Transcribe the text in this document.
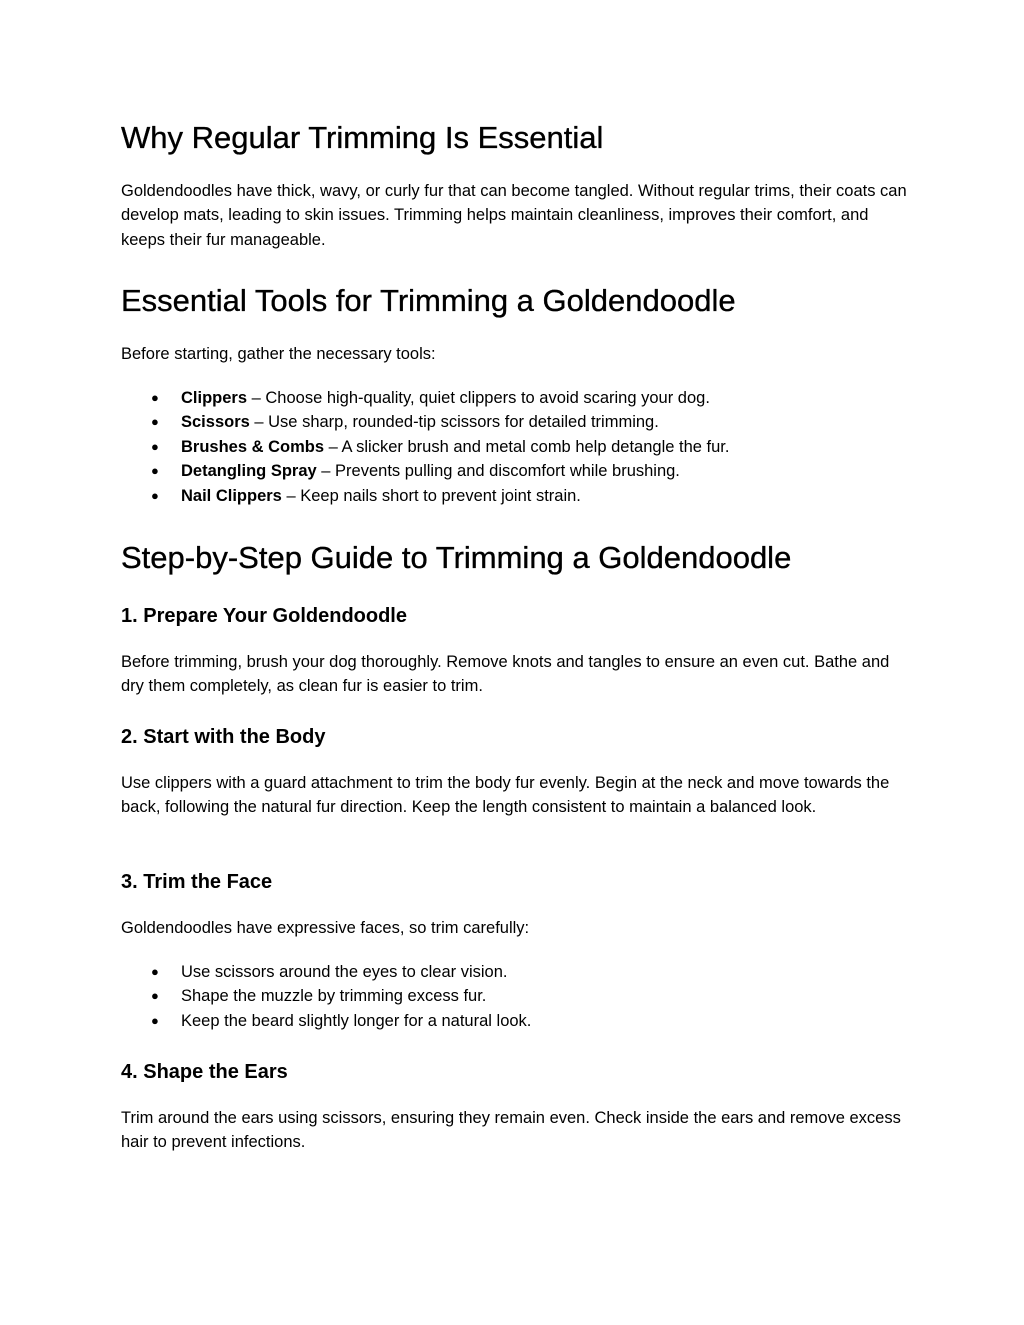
Why Regular Trimming Is Essential

Goldendoodles have thick, wavy, or curly fur that can become tangled. Without regular trims, their coats can develop mats, leading to skin issues. Trimming helps maintain cleanliness, improves their comfort, and keeps their fur manageable.

Essential Tools for Trimming a Goldendoodle

Before starting, gather the necessary tools:

● Clippers – Choose high-quality, quiet clippers to avoid scaring your dog.
● Scissors – Use sharp, rounded-tip scissors for detailed trimming.
● Brushes & Combs – A slicker brush and metal comb help detangle the fur.
● Detangling Spray – Prevents pulling and discomfort while brushing.
● Nail Clippers – Keep nails short to prevent joint strain.
Step-by-Step Guide to Trimming a Goldendoodle
1. Prepare Your Goldendoodle

Before trimming, brush your dog thoroughly. Remove knots and tangles to ensure an even cut. Bathe and dry them completely, as clean fur is easier to trim.

2. Start with the Body

Use clippers with a guard attachment to trim the body fur evenly. Begin at the neck and move towards the back, following the natural fur direction. Keep the length consistent to maintain a balanced look.

3. Trim the Face

Goldendoodles have expressive faces, so trim carefully:

● Use scissors around the eyes to clear vision.
● Shape the muzzle by trimming excess fur.
● Keep the beard slightly longer for a natural look.
4. Shape the Ears

Trim around the ears using scissors, ensuring they remain even. Check inside the ears and remove excess hair to prevent infections.
